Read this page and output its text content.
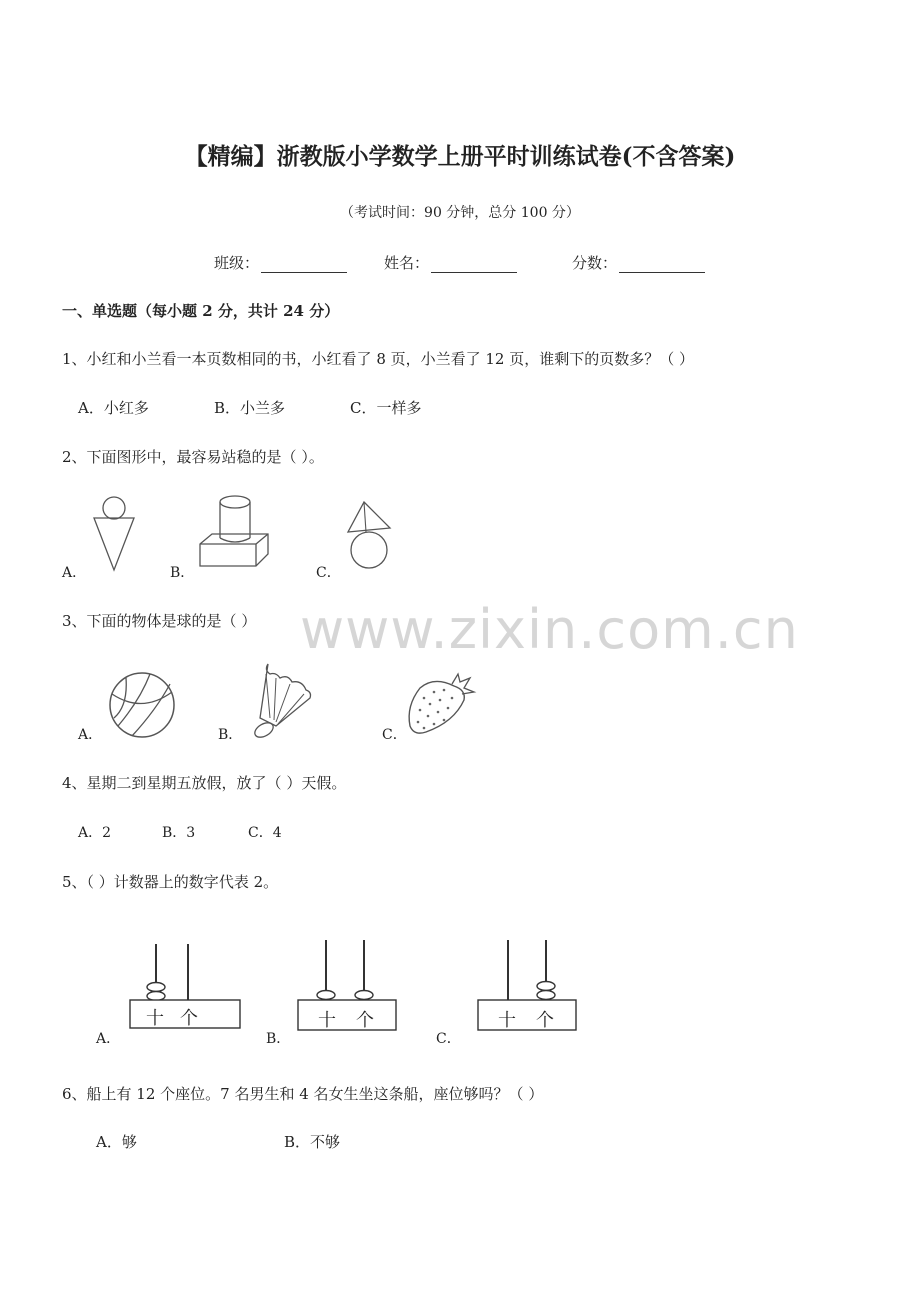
www.zixin.com.cn
【精编】浙教版小学数学上册平时训练试卷(不含答案)
（考试时间：90 分钟，总分 100 分）
班级：	姓名：	分数：
一、单选题（每小题 2 分，共计 24 分）
1、小红和小兰看一本页数相同的书，小红看了 8 页，小兰看了 12 页，谁剩下的页数多？（ ）
A．小红多	B．小兰多	C．一样多
2、下面图形中，最容易站稳的是（ ）。
A．	B．	C．
3、下面的物体是球的是（ ）
A．	B．	C．
4、星期二到星期五放假，放了（ ）天假。
A．2	B．3	C．4
5、（ ）计数器上的数字代表 2。
A．	B．	C．
十 个	十 个	十 个
6、船上有 12 个座位。7 名男生和 4 名女生坐这条船，座位够吗？（ ）
A．够	B．不够
